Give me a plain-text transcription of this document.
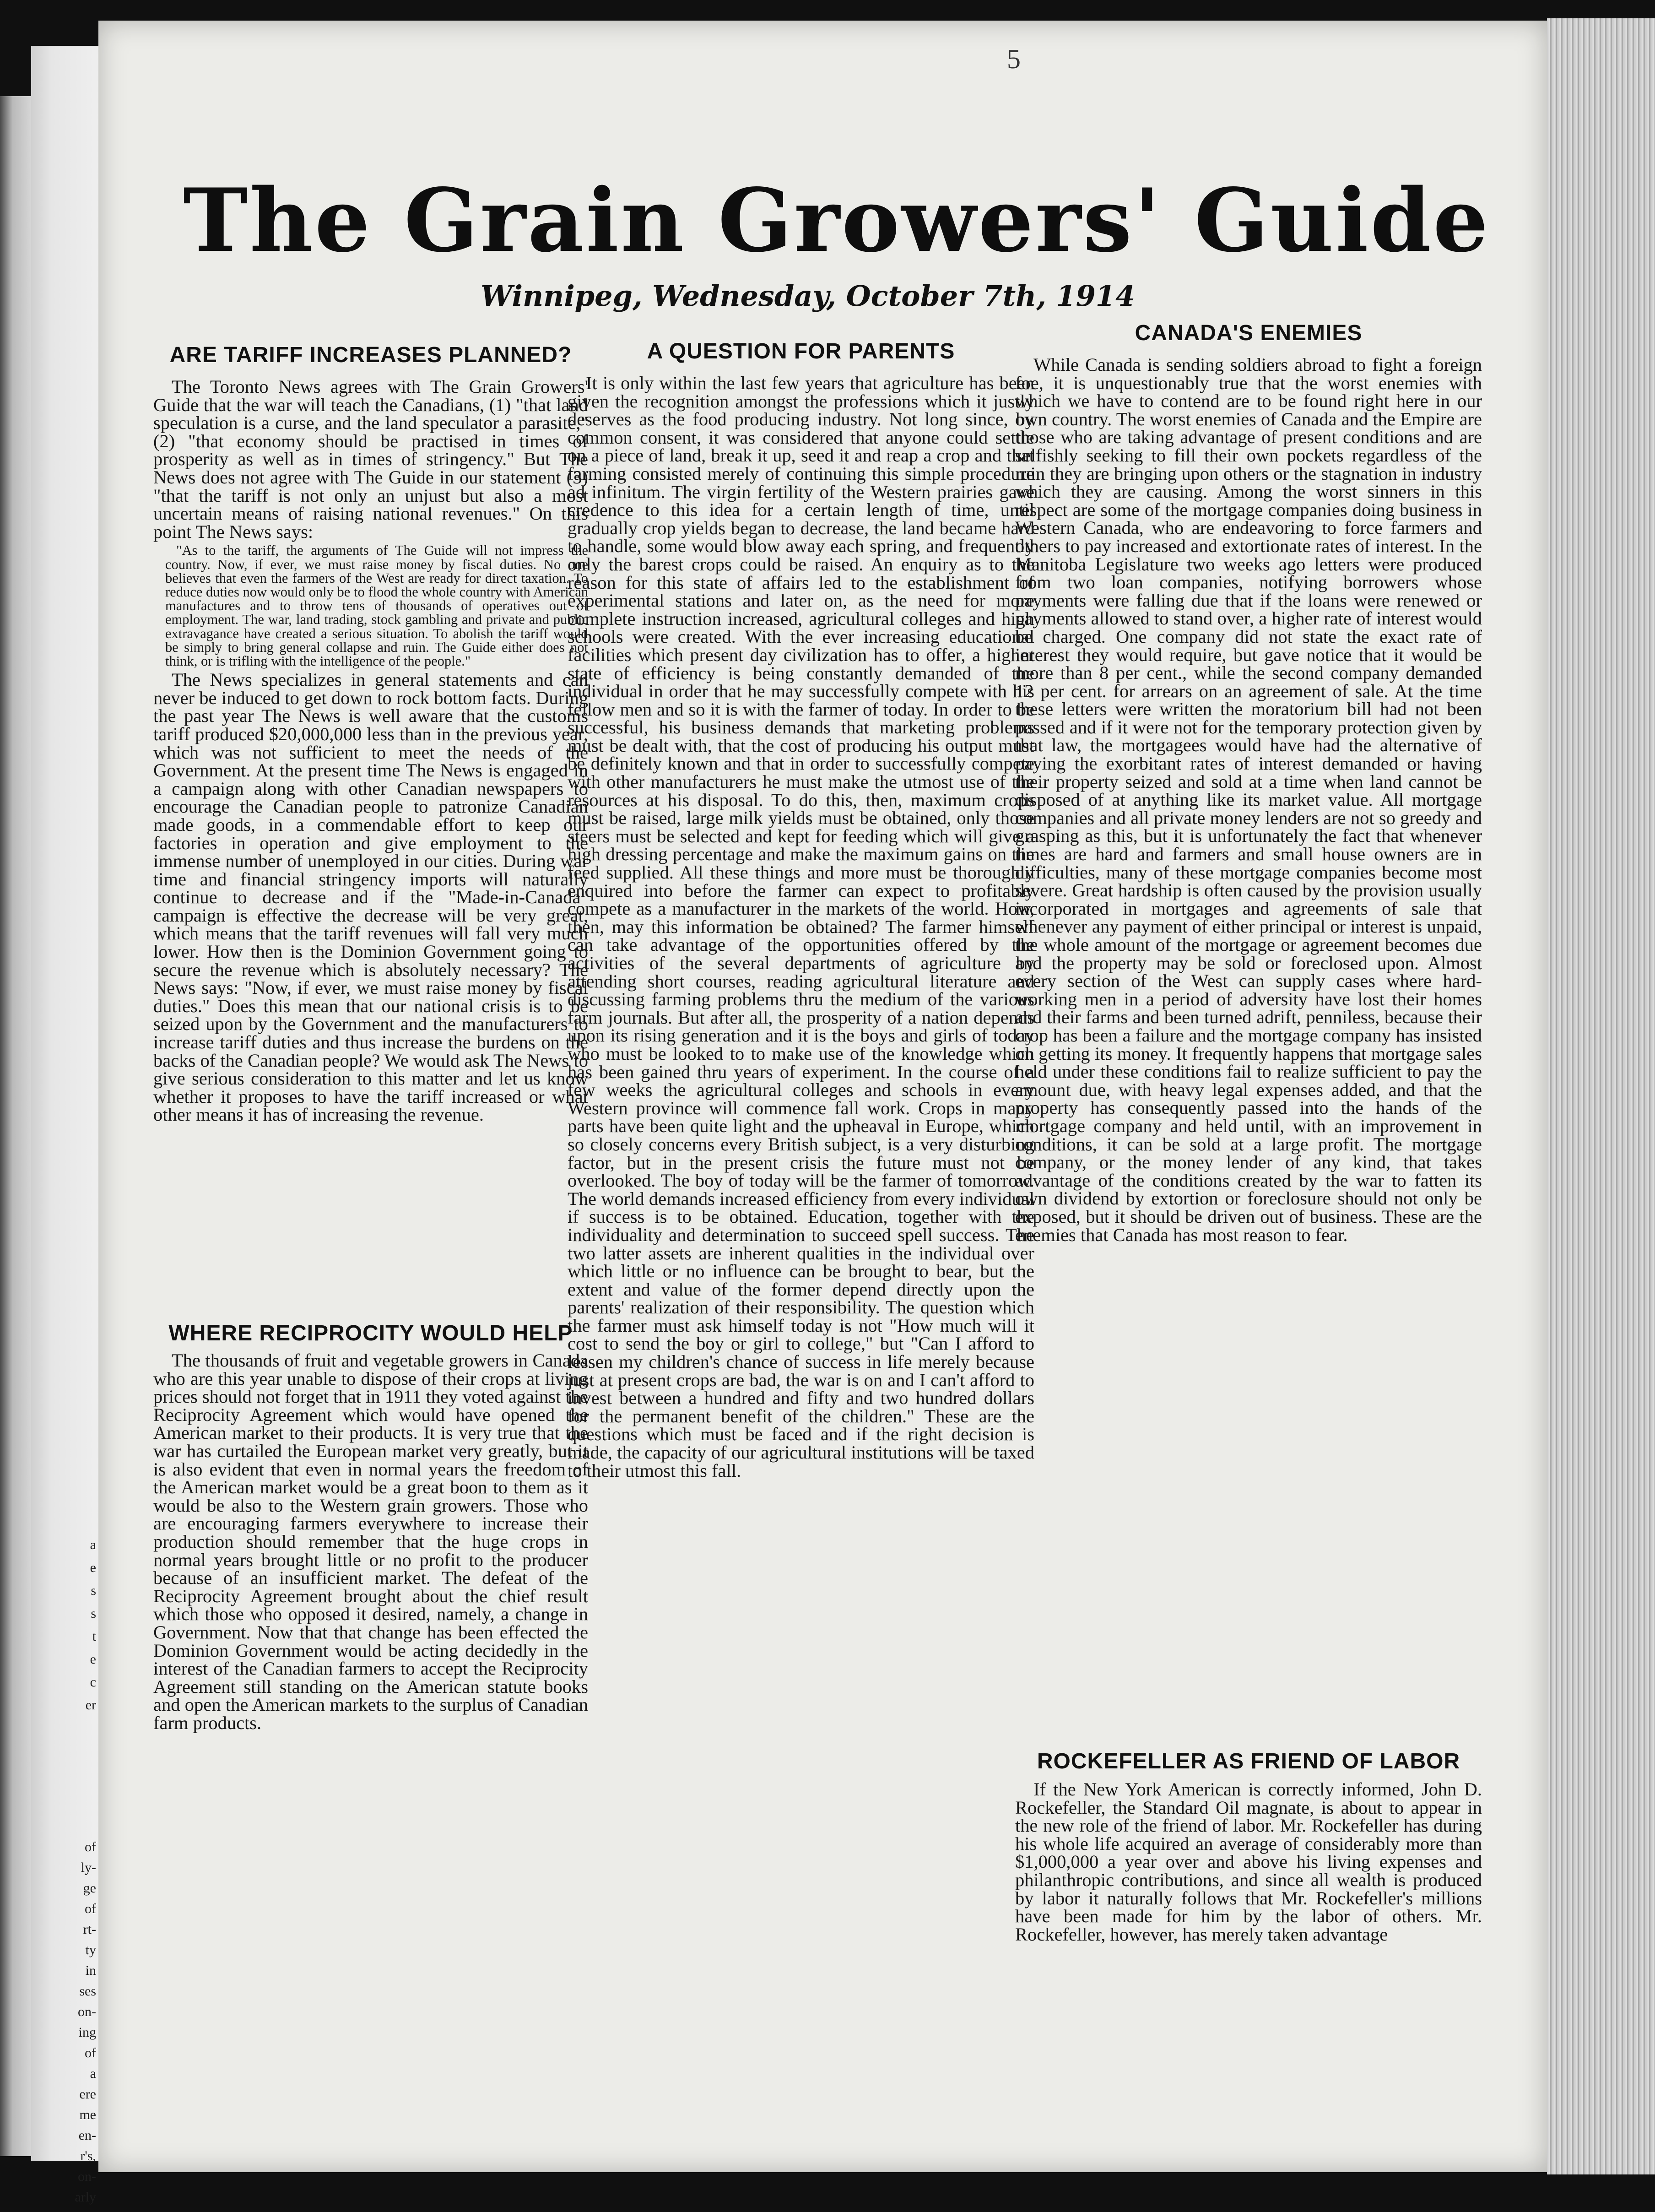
a
e
s
s
t
e
c
er
of
ly-
ge
of
rt-
ty
in
ses
on-
ing
of
a
ere
me
en-
r's,
on-
arly
5
The Grain Growers' Guide
Winnipeg, Wednesday, October 7th, 1914
ARE TARIFF INCREASES PLANNED?

The Toronto News agrees with The Grain Growers' Guide that the war will teach the Canadians, (1) "that land speculation is a curse, and the land speculator a parasite," (2) "that economy should be practised in times of prosperity as well as in times of stringency." But The News does not agree with The Guide in our statement (3) "that the tariff is not only an unjust but also a most uncertain means of raising national revenues." On this point The News says:

"As to the tariff, the arguments of The Guide will not impress the country. Now, if ever, we must raise money by fiscal duties. No one believes that even the farmers of the West are ready for direct taxation. To reduce duties now would only be to flood the whole country with American manufactures and to throw tens of thousands of operatives out of employment. The war, land trading, stock gambling and private and public extravagance have created a serious situation. To abolish the tariff would be simply to bring general collapse and ruin. The Guide either does not think, or is trifling with the intelligence of the people."

The News specializes in general statements and can never be induced to get down to rock bottom facts. During the past year The News is well aware that the customs tariff produced $20,000,000 less than in the previous year, which was not sufficient to meet the needs of the Government. At the present time The News is engaged in a campaign along with other Canadian newspapers to encourage the Canadian people to patronize Canadian made goods, in a commendable effort to keep our factories in operation and give employment to the immense number of unemployed in our cities. During war time and financial stringency imports will naturally continue to decrease and if the "Made-in-Canada" campaign is effective the decrease will be very great, which means that the tariff revenues will fall very much lower. How then is the Dominion Government going to secure the revenue which is absolutely necessary? The News says: "Now, if ever, we must raise money by fiscal duties." Does this mean that our national crisis is to be seized upon by the Government and the manufacturers to increase tariff duties and thus increase the burdens on the backs of the Canadian people? We would ask The News to give serious consideration to this matter and let us know whether it proposes to have the tariff increased or what other means it has of increasing the revenue.

WHERE RECIPROCITY WOULD HELP

The thousands of fruit and vegetable growers in Canada who are this year unable to dispose of their crops at living prices should not forget that in 1911 they voted against the Reciprocity Agreement which would have opened the American market to their products. It is very true that the war has curtailed the European market very greatly, but it is also evident that even in normal years the freedom of the American market would be a great boon to them as it would be also to the Western grain growers. Those who are encouraging farmers everywhere to increase their production should remember that the huge crops in normal years brought little or no profit to the producer because of an insufficient market. The defeat of the Reciprocity Agreement brought about the chief result which those who opposed it desired, namely, a change in Government. Now that that change has been effected the Dominion Government would be acting decidedly in the interest of the Canadian farmers to accept the Reciprocity Agreement still standing on the American statute books and open the American markets to the surplus of Canadian farm products.

A QUESTION FOR PARENTS

It is only within the last few years that agriculture has been given the recognition amongst the professions which it justly deserves as the food producing industry. Not long since, by common consent, it was considered that anyone could settle on a piece of land, break it up, seed it and reap a crop and that farming consisted merely of continuing this simple procedure ad infinitum. The virgin fertility of the Western prairies gave credence to this idea for a certain length of time, until gradually crop yields began to decrease, the land became hard to handle, some would blow away each spring, and frequently only the barest crops could be raised. An enquiry as to the reason for this state of affairs led to the establishment of experimental stations and later on, as the need for more complete instruction increased, agricultural colleges and high schools were created. With the ever increasing educational facilities which present day civilization has to offer, a higher state of efficiency is being constantly demanded of the individual in order that he may successfully compete with his fellow men and so it is with the farmer of today. In order to be successful, his business demands that marketing problems must be dealt with, that the cost of producing his output must be definitely known and that in order to successfully compete with other manufacturers he must make the utmost use of the resources at his disposal. To do this, then, maximum crops must be raised, large milk yields must be obtained, only those steers must be selected and kept for feeding which will give a high dressing percentage and make the maximum gains on the feed supplied. All these things and more must be thoroughly enquired into before the farmer can expect to profitably compete as a manufacturer in the markets of the world. How, then, may this information be obtained? The farmer himself can take advantage of the opportunities offered by the activities of the several departments of agriculture by attending short courses, reading agricultural literature and discussing farming problems thru the medium of the various farm journals. But after all, the prosperity of a nation depends upon its rising generation and it is the boys and girls of today who must be looked to to make use of the knowledge which has been gained thru years of experiment. In the course of a few weeks the agricultural colleges and schools in every Western province will commence fall work. Crops in many parts have been quite light and the upheaval in Europe, which so closely concerns every British subject, is a very disturbing factor, but in the present crisis the future must not be overlooked. The boy of today will be the farmer of tomorrow. The world demands increased efficiency from every individual if success is to be obtained. Education, together with the individuality and determination to succeed spell success. The two latter assets are inherent qualities in the individual over which little or no influence can be brought to bear, but the extent and value of the former depend directly upon the parents' realization of their responsibility. The question which the farmer must ask himself today is not "How much will it cost to send the boy or girl to college," but "Can I afford to lessen my children's chance of success in life merely because just at present crops are bad, the war is on and I can't afford to invest between a hundred and fifty and two hundred dollars for the permanent benefit of the children." These are the questions which must be faced and if the right decision is made, the capacity of our agricultural institutions will be taxed to their utmost this fall.

CANADA'S ENEMIES

While Canada is sending soldiers abroad to fight a foreign foe, it is unquestionably true that the worst enemies with which we have to contend are to be found right here in our own country. The worst enemies of Canada and the Empire are those who are taking advantage of present conditions and are selfishly seeking to fill their own pockets regardless of the ruin they are bringing upon others or the stagnation in industry which they are causing. Among the worst sinners in this respect are some of the mortgage companies doing business in Western Canada, who are endeavoring to force farmers and others to pay increased and extortionate rates of interest. In the Manitoba Legislature two weeks ago letters were produced from two loan companies, notifying borrowers whose payments were falling due that if the loans were renewed or payments allowed to stand over, a higher rate of interest would be charged. One company did not state the exact rate of interest they would require, but gave notice that it would be more than 8 per cent., while the second company demanded 12 per cent. for arrears on an agreement of sale. At the time these letters were written the moratorium bill had not been passed and if it were not for the temporary protection given by that law, the mortgagees would have had the alternative of paying the exorbitant rates of interest demanded or having their property seized and sold at a time when land cannot be disposed of at anything like its market value. All mortgage companies and all private money lenders are not so greedy and grasping as this, but it is unfortunately the fact that whenever times are hard and farmers and small house owners are in difficulties, many of these mortgage companies become most severe. Great hardship is often caused by the provision usually incorporated in mortgages and agreements of sale that whenever any payment of either principal or interest is unpaid, the whole amount of the mortgage or agreement becomes due and the property may be sold or foreclosed upon. Almost every section of the West can supply cases where hard-working men in a period of adversity have lost their homes and their farms and been turned adrift, penniless, because their crop has been a failure and the mortgage company has insisted on getting its money. It frequently happens that mortgage sales held under these conditions fail to realize sufficient to pay the amount due, with heavy legal expenses added, and that the property has consequently passed into the hands of the mortgage company and held until, with an improvement in conditions, it can be sold at a large profit. The mortgage company, or the money lender of any kind, that takes advantage of the conditions created by the war to fatten its own dividend by extortion or foreclosure should not only be exposed, but it should be driven out of business. These are the enemies that Canada has most reason to fear.

ROCKEFELLER AS FRIEND OF LABOR

If the New York American is correctly informed, John D. Rockefeller, the Standard Oil magnate, is about to appear in the new role of the friend of labor. Mr. Rockefeller has during his whole life acquired an average of considerably more than $1,000,000 a year over and above his living expenses and philanthropic contributions, and since all wealth is produced by labor it naturally follows that Mr. Rockefeller's millions have been made for him by the labor of others. Mr. Rockefeller, however, has merely taken advantage
